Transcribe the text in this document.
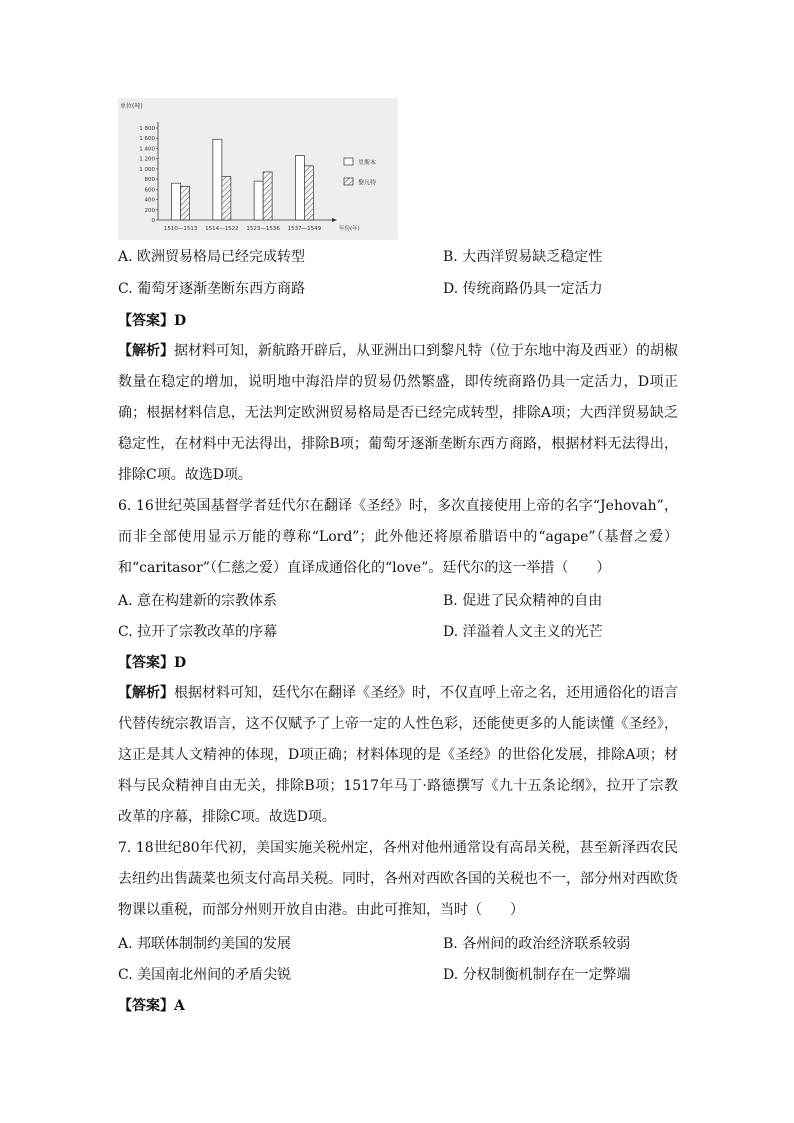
单位(吨)
1 800
1 600
1 400
1 200
1 000
800
600
400
200
0
1510—1513 1514—1522 1523—1536 1537—1549	年份(年)
里斯本
黎凡特
A. 欧洲贸易格局已经完成转型	B. 大西洋贸易缺乏稳定性
C. 葡萄牙逐渐垄断东西方商路	D. 传统商路仍具一定活力
【答案】D
【解析】据材料可知，新航路开辟后，从亚洲出口到黎凡特（位于东地中海及西亚）的胡椒数量在稳定的增加，说明地中海沿岸的贸易仍然繁盛，即传统商路仍具一定活力，D项正确；根据材料信息，无法判定欧洲贸易格局是否已经完成转型，排除A项；大西洋贸易缺乏稳定性，在材料中无法得出，排除B项；葡萄牙逐渐垄断东西方商路，根据材料无法得出，排除C项。故选D项。
6. 16世纪英国基督学者廷代尔在翻译《圣经》时，多次直接使用上帝的名字“Jehovah”，而非全部使用显示万能的尊称“Lord”；此外他还将原希腊语中的“agape”（基督之爱）和“caritasor”（仁慈之爱）直译成通俗化的“love”。廷代尔的这一举措（　　）
A. 意在构建新的宗教体系	B. 促进了民众精神的自由
C. 拉开了宗教改革的序幕	D. 洋溢着人文主义的光芒
【答案】D
【解析】根据材料可知，廷代尔在翻译《圣经》时，不仅直呼上帝之名，还用通俗化的语言代替传统宗教语言，这不仅赋予了上帝一定的人性色彩，还能使更多的人能读懂《圣经》，这正是其人文精神的体现，D项正确；材料体现的是《圣经》的世俗化发展，排除A项；材料与民众精神自由无关，排除B项；1517年马丁·路德撰写《九十五条论纲》，拉开了宗教改革的序幕，排除C项。故选D项。
7. 18世纪80年代初，美国实施关税州定，各州对他州通常设有高昂关税，甚至新泽西农民去纽约出售蔬菜也须支付高昂关税。同时，各州对西欧各国的关税也不一，部分州对西欧货物课以重税，而部分州则开放自由港。由此可推知，当时（　　）
A. 邦联体制制约美国的发展	B. 各州间的政治经济联系较弱
C. 美国南北州间的矛盾尖锐	D. 分权制衡机制存在一定弊端
【答案】A
